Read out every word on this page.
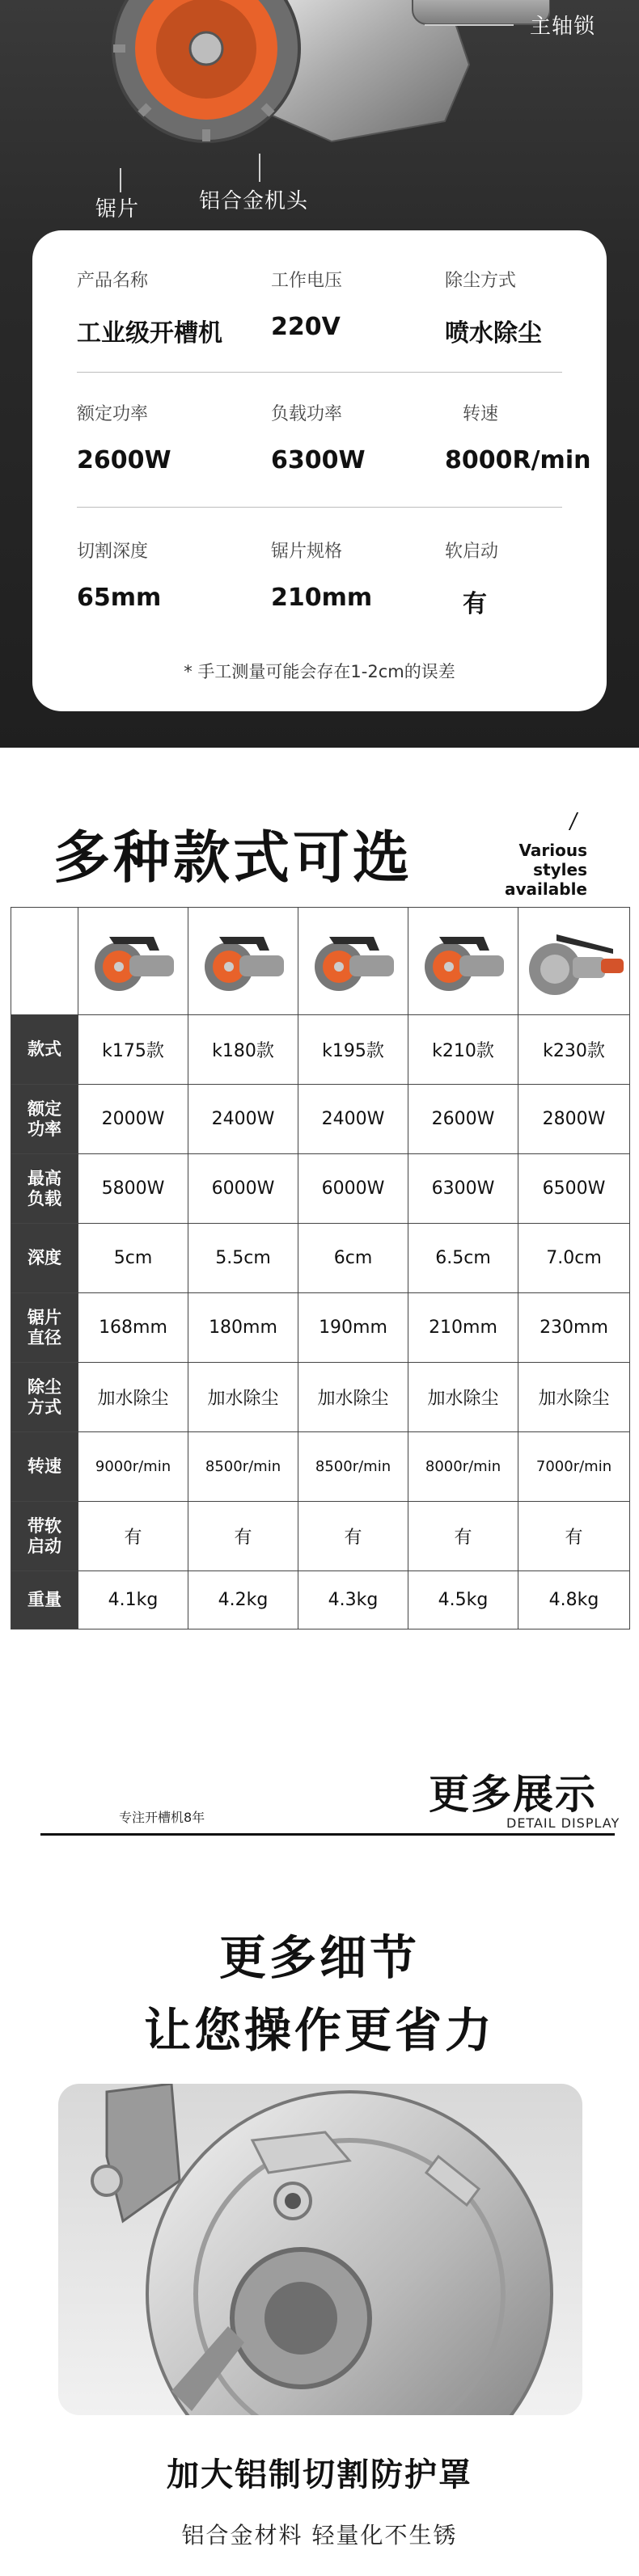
主轴锁
锯片	铝合金机头
产品名称
工业级开槽机
工作电压
220V
除尘方式
喷水除尘
额定功率
2600W
负载功率
6300W
转速
8000R/min
切割深度
65mm
锯片规格
210mm
软启动
有
* 手工测量可能会存在1-2cm的误差
多种款式可选	Various styles
available

款式	k175款	k180款	k195款	k210款	k230款
额定功率	2000W	2400W	2400W	2600W	2800W
最高负载	5800W	6000W	6000W	6300W	6500W
深度	5cm	5.5cm	6cm	6.5cm	7.0cm
锯片直径	168mm	180mm	190mm	210mm	230mm
除尘方式	加水除尘	加水除尘	加水除尘	加水除尘	加水除尘
转速	9000r/min	8500r/min	8500r/min	8000r/min	7000r/min
带软启动	有	有	有	有	有
重量	4.1kg	4.2kg	4.3kg	4.5kg	4.8kg
专注开槽机8年	更多展示
DETAIL DISPLAY
更多细节
让您操作更省力
加大铝制切割防护罩
铝合金材料 轻量化不生锈
